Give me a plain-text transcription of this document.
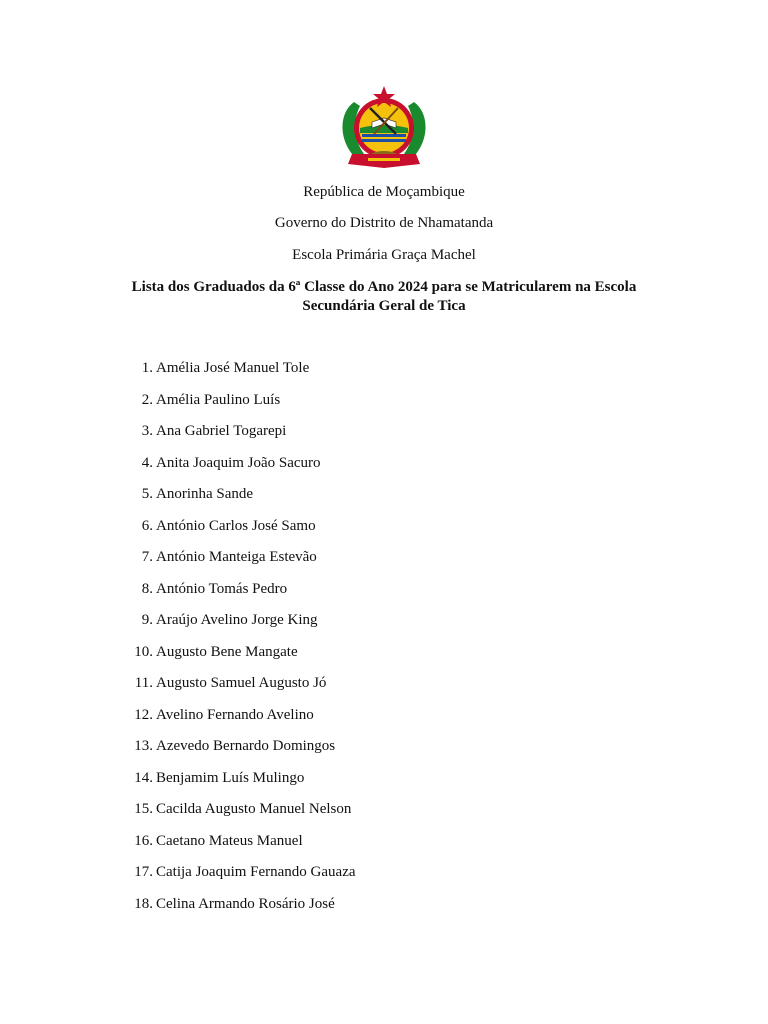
República de Moçambique
Governo do Distrito de Nhamatanda
Escola Primária Graça Machel
Lista dos Graduados da 6ª Classe do Ano 2024 para se Matricularem na Escola
Secundária Geral de Tica
1. Amélia José Manuel Tole
2. Amélia Paulino Luís
3. Ana Gabriel Togarepi
4. Anita Joaquim João Sacuro
5. Anorinha Sande
6. António Carlos José Samo
7. António Manteiga Estevão
8. António Tomás Pedro
9. Araújo Avelino Jorge King
10. Augusto Bene Mangate
11. Augusto Samuel Augusto Jó
12. Avelino Fernando Avelino
13. Azevedo Bernardo Domingos
14. Benjamim Luís Mulingo
15. Cacilda Augusto Manuel Nelson
16. Caetano Mateus Manuel
17. Catija Joaquim Fernando Gauaza
18. Celina Armando Rosário José
